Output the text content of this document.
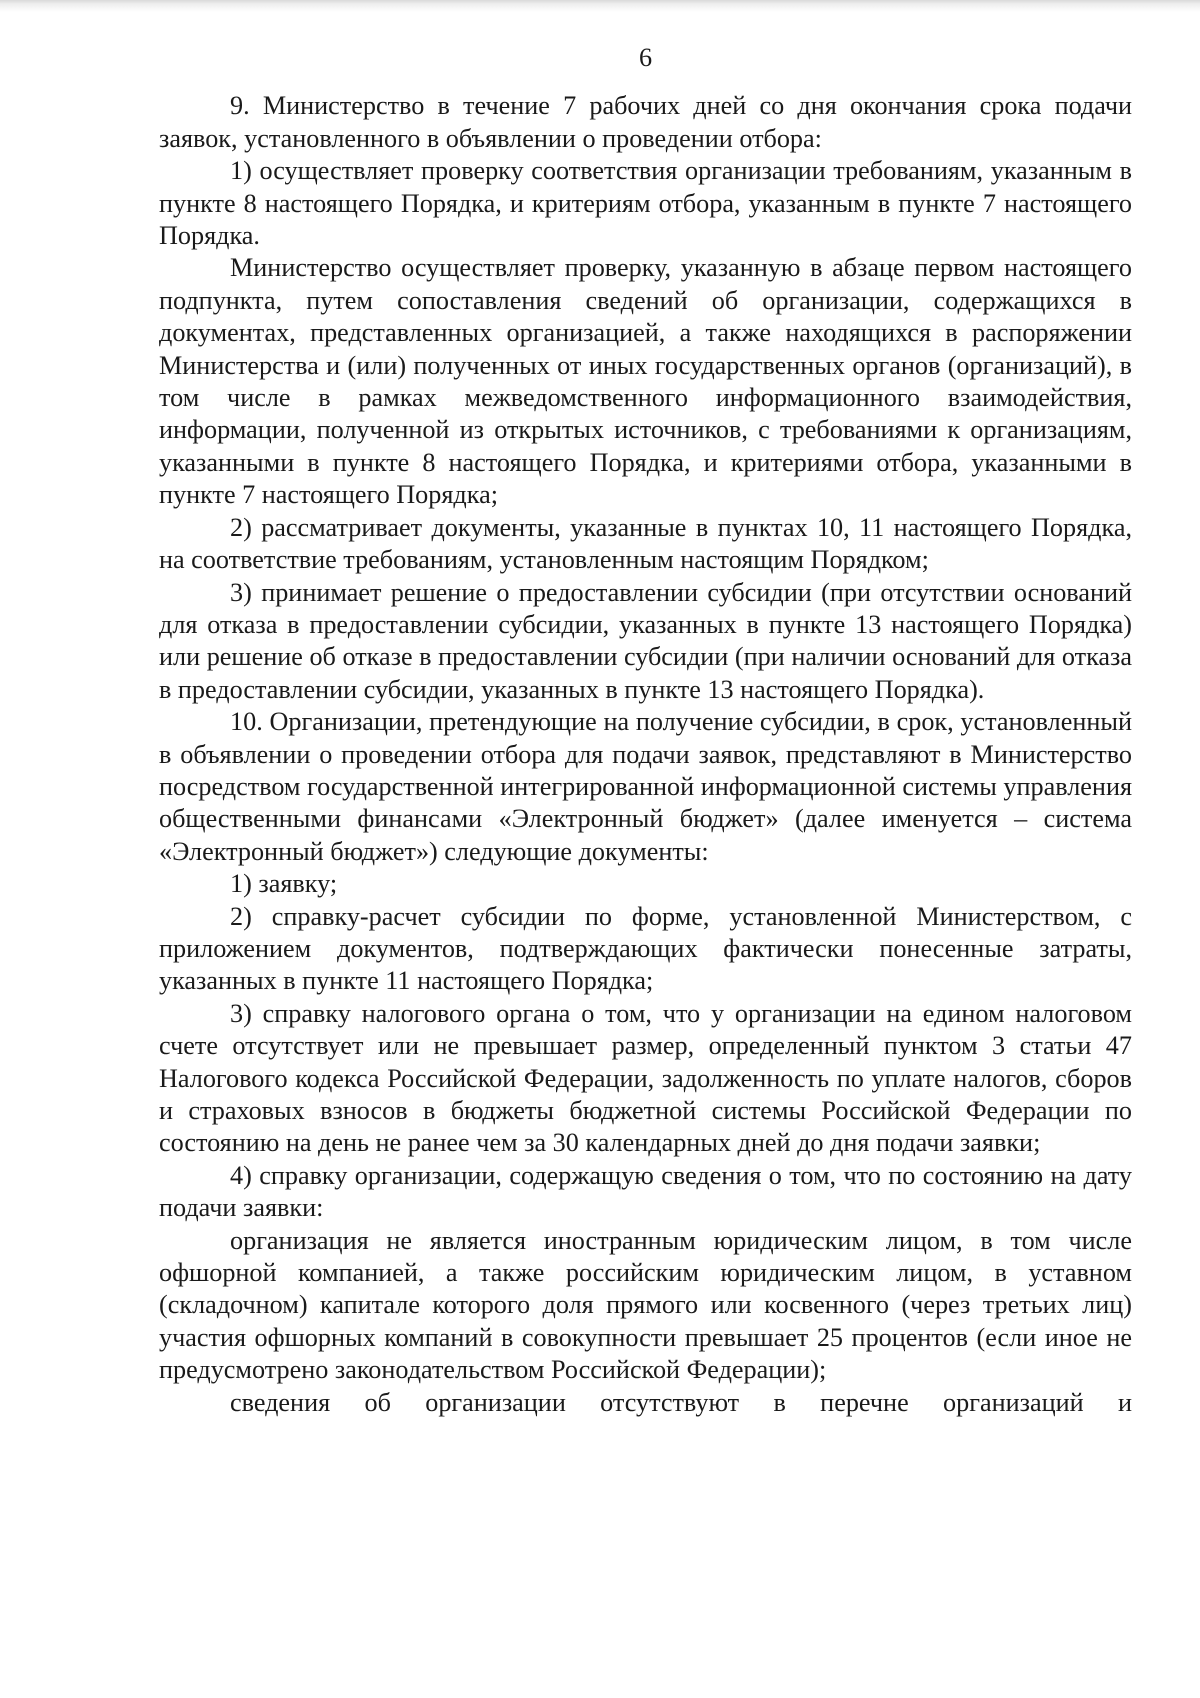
6

9. Министерство в течение 7 рабочих дней со дня окончания срока подачи заявок, установленного в объявлении о проведении отбора:

1) осуществляет проверку соответствия организации требованиям, указанным в пункте 8 настоящего Порядка, и критериям отбора, указанным в пункте 7 настоящего Порядка.

Министерство осуществляет проверку, указанную в абзаце первом настоящего подпункта, путем сопоставления сведений об организации, содержащихся в документах, представленных организацией, а также находящихся в распоряжении Министерства и (или) полученных от иных государственных органов (организаций), в том числе в рамках межведомственного информационного взаимодействия, информации, полученной из открытых источников, с требованиями к организациям, указанными в пункте 8 настоящего Порядка, и критериями отбора, указанными в пункте 7 настоящего Порядка;

2) рассматривает документы, указанные в пунктах 10, 11 настоящего Порядка, на соответствие требованиям, установленным настоящим Порядком;

3) принимает решение о предоставлении субсидии (при отсутствии оснований для отказа в предоставлении субсидии, указанных в пункте 13 настоящего Порядка) или решение об отказе в предоставлении субсидии (при наличии оснований для отказа в предоставлении субсидии, указанных в пункте 13 настоящего Порядка).

10. Организации, претендующие на получение субсидии, в срок, установленный в объявлении о проведении отбора для подачи заявок, представляют в Министерство посредством государственной интегрированной информационной системы управления общественными финансами «Электронный бюджет» (далее именуется – система «Электронный бюджет») следующие документы:

1) заявку;

2) справку-расчет субсидии по форме, установленной Министерством, с приложением документов, подтверждающих фактически понесенные затраты, указанных в пункте 11 настоящего Порядка;

3) справку налогового органа о том, что у организации на едином налоговом счете отсутствует или не превышает размер, определенный пунктом 3 статьи 47 Налогового кодекса Российской Федерации, задолженность по уплате налогов, сборов и страховых взносов в бюджеты бюджетной системы Российской Федерации по состоянию на день не ранее чем за 30 календарных дней до дня подачи заявки;

4) справку организации, содержащую сведения о том, что по состоянию на дату подачи заявки:

организация не является иностранным юридическим лицом, в том числе офшорной компанией, а также российским юридическим лицом, в уставном (складочном) капитале которого доля прямого или косвенного (через третьих лиц) участия офшорных компаний в совокупности превышает 25 процентов (если иное не предусмотрено законодательством Российской Федерации);

сведения об организации отсутствуют в перечне организаций и
